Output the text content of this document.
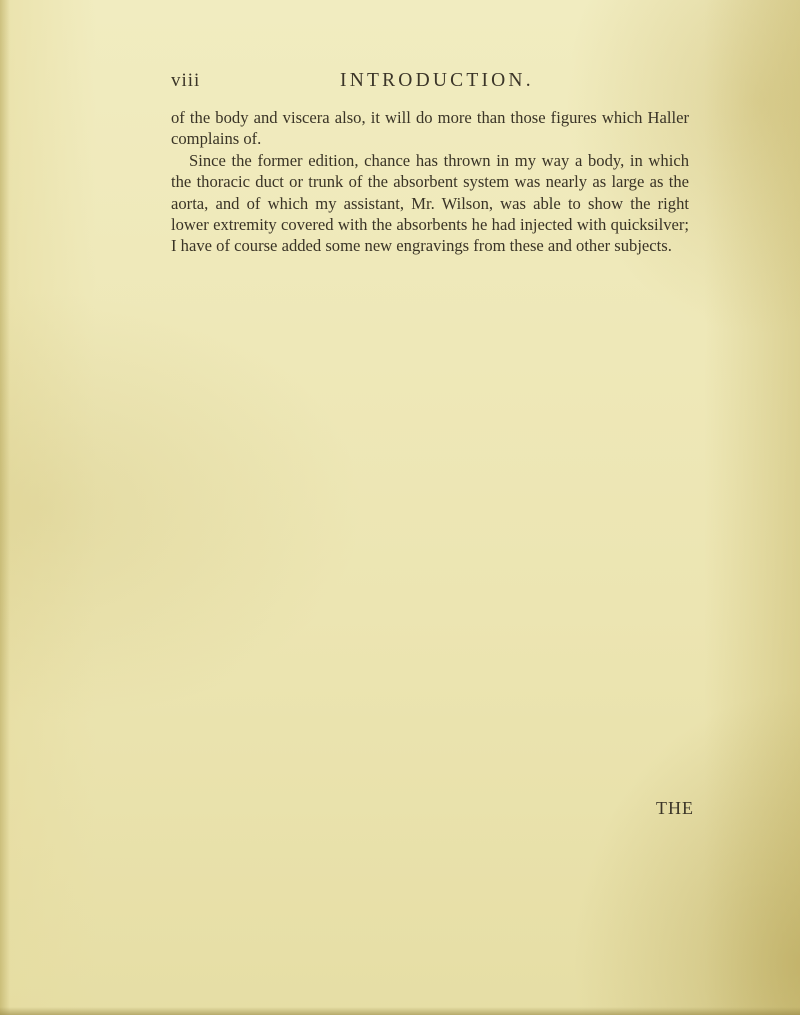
viii	INTRODUCTION.

of the body and viscera also, it will do more than those figures which Haller complains of.

Since the former edition, chance has thrown in my way a body, in which the thoracic duct or trunk of the absorbent system was nearly as large as the aorta, and of which my assistant, Mr. Wilson, was able to show the right lower extremity covered with the absorbents he had injected with quicksilver; I have of course added some new engravings from these and other subjects.

THE
